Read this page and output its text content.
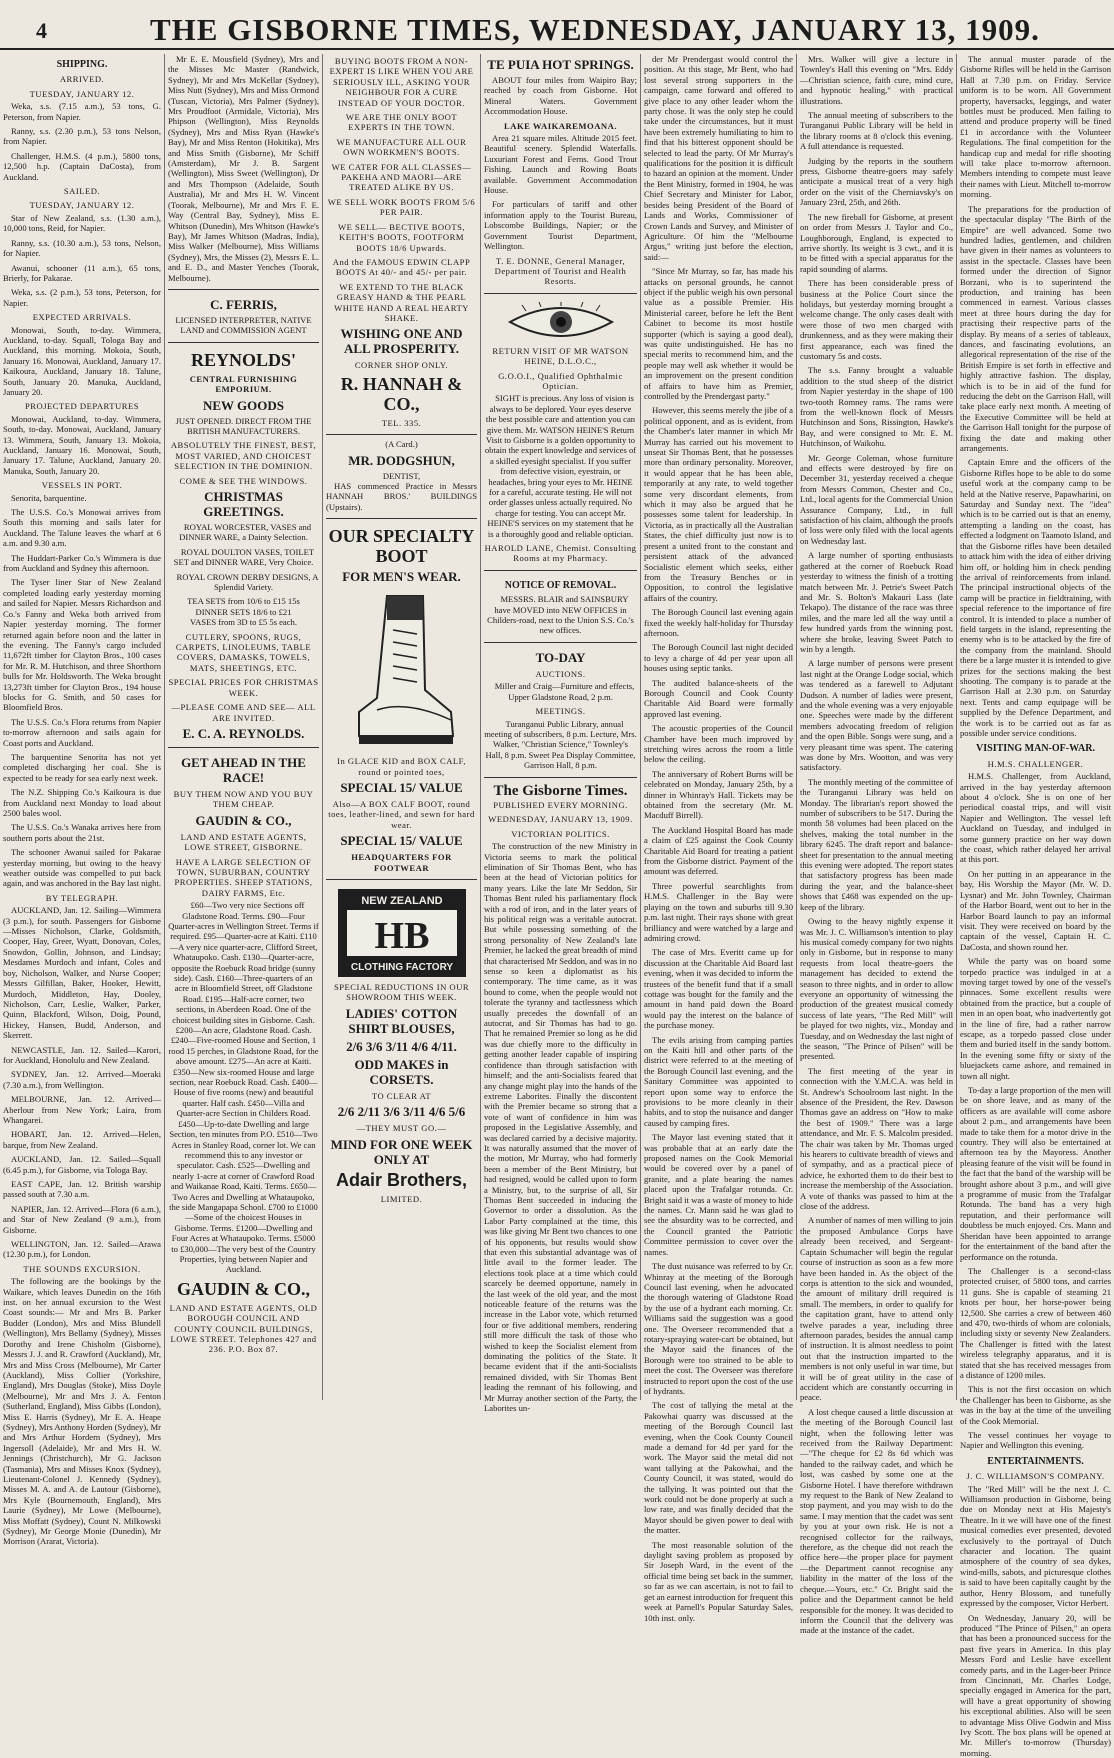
4	THE GISBORNE TIMES, WEDNESDAY, JANUARY 13, 1909.
SHIPPING.
ARRIVED.
TUESDAY, JANUARY 12.

Weka, s.s. (7.15 a.m.), 53 tons, G. Peterson, from Napier.

Ranny, s.s. (2.30 p.m.), 53 tons Nelson, from Napier.

Challenger, H.M.S. (4 p.m.), 5800 tons, 12,500 h.p. (Captain DaCosta), from Auckland.

SAILED.
TUESDAY, JANUARY 12.

Star of New Zealand, s.s. (1.30 a.m.), 10,000 tons, Reid, for Napier.

Ranny, s.s. (10.30 a.m.), 53 tons, Nelson, for Napier.

Awanui, schooner (11 a.m.), 65 tons, Brierly, for Pakarae.

Weka, s.s. (2 p.m.), 53 tons, Peterson, for Napier.

EXPECTED ARRIVALS.

Monowai, South, to-day. Wimmera, Auckland, to-day. Squall, Tologa Bay and Auckland, this morning. Mokoia, South, January 16. Monowai, Auckland, January 17. Kaikoura, Auckland, January 18. Talune, South, January 20. Manuka, Auckland, January 20.

PROJECTED DEPARTURES

Monowai, Auckland, to-day. Wimmera, South, to-day. Monowai, Auckland, January 13. Wimmera, South, January 13. Mokoia, Auckland, January 16. Monowai, South, January 17. Talune, Auckland, January 20. Manuka, South, January 20.

VESSELS IN PORT.

Senorita, barquentine.

The U.S.S. Co.'s Monowai arrives from South this morning and sails later for Auckland. The Talune leaves the wharf at 6 a.m. and 9.30 a.m.

The Huddart-Parker Co.'s Wimmera is due from Auckland and Sydney this afternoon.

The Tyser liner Star of New Zealand completed loading early yesterday morning and sailed for Napier. Messrs Richardson and Co.'s Fanny and Weka both arrived from Napier yesterday morning. The former returned again before noon and the latter in the evening. The Fanny's cargo included 11,672ft timber for Clayton Bros., 100 cases for Mr. R. M. Hutchison, and three Shorthorn bulls for Mr. Holdsworth. The Weka brought 13,273ft timber for Clayton Bros., 194 house blocks for G. Smith, and 50 cases for Bloomfield Bros.

The U.S.S. Co.'s Flora returns from Napier to-morrow afternoon and sails again for Coast ports and Auckland.

The barquentine Senorita has not yet completed discharging her coal. She is expected to be ready for sea early next week.

The N.Z. Shipping Co.'s Kaikoura is due from Auckland next Monday to load about 2500 bales wool.

The U.S.S. Co.'s Wanaka arrives here from southern ports about the 21st.

The schooner Awanui sailed for Pakarae yesterday morning, but owing to the heavy weather outside was compelled to put back again, and was anchored in the Bay last night.

BY TELEGRAPH.

AUCKLAND, Jan. 12. Sailing—Wimmera (3 p.m.), for south. Passengers for Gisborne—Misses Nicholson, Clarke, Goldsmith, Cooper, Hay, Greer, Wyatt, Donovan, Coles, Snowdon, Gollin, Johnson, and Lindsay; Mesdames Murdoch and infant, Coles and boy, Nicholson, Walker, and Nurse Cooper; Messrs Gilfillan, Baker, Hooker, Hewitt, Murdoch, Middleton, Hay, Dooley, Nicholson, Carr, Leslie, Walker, Parker, Quinn, Blackford, Wilson, Doig, Pound, Hickey, Hansen, Budd, Anderson, and Skerrett.

NEWCASTLE, Jan. 12. Sailed—Karori, for Auckland, Honolulu and New Zealand.

SYDNEY, Jan. 12. Arrived—Moeraki (7.30 a.m.), from Wellington.

MELBOURNE, Jan. 12. Arrived—Aberlour from New York; Laira, from Whangarei.

HOBART, Jan. 12. Arrived—Helen, barque, from New Zealand.

AUCKLAND, Jan. 12. Sailed—Squall (6.45 p.m.), for Gisborne, via Tologa Bay.

EAST CAPE, Jan. 12. British warship passed south at 7.30 a.m.

NAPIER, Jan. 12. Arrived—Flora (6 a.m.), and Star of New Zealand (9 a.m.), from Gisborne.

WELLINGTON, Jan. 12. Sailed—Arawa (12.30 p.m.), for London.

THE SOUNDS EXCURSION.

The following are the bookings by the Waikare, which leaves Dunedin on the 16th inst. on her annual excursion to the West Coast sounds:— Mr and Mrs B. Parker Budder (London), Mrs and Miss Blundell (Wellington), Mrs Bellamy (Sydney), Misses Dorothy and Irene Chisholm (Gisborne), Messrs J. J. and R. Crawford (Auckland), Mr, Mrs and Miss Cross (Melbourne), Mr Carter (Auckland), Miss Collier (Yorkshire, England), Mrs Douglas (Stoke), Miss Doyle (Melbourne), Mr and Mrs J. A. Fenton (Sutherland, England), Miss Gibbs (London), Miss E. Harris (Sydney), Mr E. A. Heape (Sydney), Mrs Anthony Horden (Sydney), Mr and Mrs Arthur Hordern (Sydney), Mrs Ingersoll (Adelaide), Mr and Mrs H. W. Jennings (Christchurch), Mr G. Jackson (Tasmania), Mrs and Misses Knox (Sydney), Lieutenant-Colonel J. Kennedy (Sydney), Misses M. A. and A. de Lautour (Gisborne), Mrs Kyle (Bournemouth, England), Mrs Laurie (Sydney), Mr Lowe (Melbourne), Miss Moffatt (Sydney), Count N. Milkowski (Sydney), Mr George Monie (Dunedin), Mr Morrison (Ararat, Victoria).

Mr E. E. Mousfield (Sydney), Mrs and the Misses Mc Master (Randwick, Sydney), Mr and Mrs McKellar (Sydney), Miss Nutt (Sydney), Mrs and Miss Ormond (Tuscan, Victoria), Mrs Palmer (Sydney), Mrs Proudfoot (Armidale, Victoria), Mrs Phipson (Wellington), Miss Reynolds (Sydney), Mrs and Miss Ryan (Hawke's Bay), Mr and Miss Renton (Hokitika), Mrs and Miss Smith (Gisborne), Mr Schiff (Amsterdam), Mr J. B. Sargent (Wellington), Miss Sweet (Wellington), Dr and Mrs Thompson (Adelaide, South Australia), Mr and Mrs H. W. Vincent (Toorak, Melbourne), Mr and Mrs F. E. Way (Central Bay, Sydney), Miss E. Whitson (Dunedin), Mrs Whitson (Hawke's Bay), Mr James Whitson (Madras, India), Miss Walker (Melbourne), Miss Williams (Sydney), Mrs, the Misses (2), Messrs E. L. and E. D., and Master Yenches (Toorak, Melbourne).

C. FERRIS,
LICENSED INTERPRETER, NATIVE LAND and COMMISSION AGENT
REYNOLDS'
CENTRAL FURNISHING EMPORIUM.
NEW GOODS
JUST OPENED. DIRECT FROM THE BRITISH MANUFACTURERS.
ABSOLUTELY THE FINEST, BEST, MOST VARIED, AND CHOICEST SELECTION IN THE DOMINION.
COME & SEE THE WINDOWS.
CHRISTMAS GREETINGS.

ROYAL WORCESTER, VASES and DINNER WARE, a Dainty Selection.

ROYAL DOULTON VASES, TOILET SET and DINNER WARE, Very Choice.

ROYAL CROWN DERBY DESIGNS, A Splendid Variety.

TEA SETS from 10/6 to £15 15s
DINNER SETS 18/6 to £21
VASES from 3D to £5 5s each.
CUTLERY, SPOONS, RUGS, CARPETS, LINOLEUMS, TABLE COVERS, DAMASKS, TOWELS, MATS, SHEETINGS, ETC.
SPECIAL PRICES FOR CHRISTMAS WEEK.
—PLEASE COME AND SEE— ALL ARE INVITED.
E. C. A. REYNOLDS.
GET AHEAD IN THE RACE!
BUY THEM NOW AND YOU BUY THEM CHEAP.
GAUDIN & CO.,
LAND AND ESTATE AGENTS, LOWE STREET, GISBORNE.
HAVE A LARGE SELECTION OF TOWN, SUBURBAN, COUNTRY PROPERTIES. SHEEP STATIONS, DAIRY FARMS, Etc.

£60—Two very nice Sections off Gladstone Road. Terms. £90—Four Quarter-acres in Wellington Street. Terms if required. £95—Quarter-acre at Kaiti. £110—A very nice quarter-acre, Clifford Street, Whataupoko. Cash. £130—Quarter-acre, opposite the Roebuck Road bridge (sunny side). Cash. £160—Three-quarters of an acre in Bloomfield Street, off Gladstone Road. £195—Half-acre corner, two sections, in Aberdeen Road. One of the choicest building sites in Gisborne. Cash. £200—An acre, Gladstone Road. Cash. £240—Five-roomed House and Section, 1 rood 15 perches, in Gladstone Road, for the above amount. £275—An acre at Kaiti. £350—New six-roomed House and large section, near Roebuck Road. Cash. £400—House of five rooms (new) and beautiful quarter. Half cash. £450—Villa and Quarter-acre Section in Childers Road. £450—Up-to-date Dwelling and large Section, ten minutes from P.O. £510—Two Acres in Stanley Road, corner lot. We can recommend this to any investor or speculator. Cash. £525—Dwelling and nearly 1-acre at corner of Crawford Road and Waikanae Road, Kaiti. Terms. £650—Two Acres and Dwelling at Whataupoko, the side Mangapapa School. £700 to £1000—Some of the choicest Houses in Gisborne. Terms. £1200—Dwelling and Four Acres at Whataupoko. Terms. £5000 to £30,000—The very best of the Country Properties, lying between Napier and Auckland.

GAUDIN & CO.,
LAND AND ESTATE AGENTS, OLD BOROUGH COUNCIL AND COUNTY COUNCIL BUILDINGS, LOWE STREET. Telephones 427 and 236. P.O. Box 87.
BUYING BOOTS FROM A NON-EXPERT IS LIKE WHEN YOU ARE SERIOUSLY ILL, ASKING YOUR NEIGHBOUR FOR A CURE INSTEAD OF YOUR DOCTOR.
WE ARE THE ONLY BOOT EXPERTS IN THE TOWN.
WE MANUFACTURE ALL OUR OWN WORKMEN'S BOOTS.
WE CATER FOR ALL CLASSES—PAKEHA AND MAORI—ARE TREATED ALIKE BY US.
WE SELL WORK BOOTS FROM 5/6 PER PAIR.
WE SELL— BECTIVE BOOTS, KEITH'S BOOTS, FOOTFORM BOOTS 18/6 Upwards.
And the FAMOUS EDWIN CLAPP BOOTS At 40/- and 45/- per pair.
WE EXTEND TO THE BLACK GREASY HAND & THE PEARL WHITE HAND A REAL HEARTY SHAKE.
WISHING ONE AND ALL PROSPERITY.
CORNER SHOP ONLY.
R. HANNAH & CO.,
TEL. 335.
(A Card.)
MR. DODGSHUN,
DENTIST,

HAS commenced Practice in Messrs HANNAH BROS.' BUILDINGS (Upstairs).

OUR SPECIALTY BOOT
FOR MEN'S WEAR.
In GLACE KID and BOX CALF, round or pointed toes,
SPECIAL 15/ VALUE
Also—A BOX CALF BOOT, round toes, leather-lined, and sewn for hard wear.
SPECIAL 15/ VALUE
HEADQUARTERS FOR FOOTWEAR
NEW ZEALAND
HB
CLOTHING FACTORY
SPECIAL REDUCTIONS IN OUR SHOWROOM THIS WEEK.
LADIES' COTTON SHIRT BLOUSES,
2/6 3/6 3/11 4/6 4/11.
ODD MAKES in CORSETS.
TO CLEAR AT
2/6 2/11 3/6 3/11 4/6 5/6
—THEY MUST GO.—
MIND FOR ONE WEEK ONLY AT
Adair Brothers,
LIMITED.
TE PUIA HOT SPRINGS.

ABOUT four miles from Waipiro Bay; reached by coach from Gisborne. Hot Mineral Waters. Government Accommodation House.

LAKE WAIKAREMOANA.

Area 21 square miles. Altitude 2015 feet. Beautiful scenery. Splendid Waterfalls. Luxuriant Forest and Ferns. Good Trout Fishing. Launch and Rowing Boats available. Government Accommodation House.

For particulars of tariff and other information apply to the Tourist Bureau, Lobscombe Buildings, Napier; or the Government Tourist Department, Wellington.

T. E. DONNE, General Manager, Department of Tourist and Health Resorts.
RETURN VISIT OF MR WATSON HEINE, D.L.O.C.,
G.O.O.I., Qualified Ophthalmic Optician.

SIGHT is precious. Any loss of vision is always to be deplored. Your eyes deserve the best possible care and attention you can give them. Mr. WATSON HEINE'S Return Visit to Gisborne is a golden opportunity to obtain the expert knowledge and services of a skilled eyesight specialist. If you suffer from defective vision, eyestrain, or headaches, bring your eyes to Mr. HEINE for a careful, accurate testing. He will not order glasses unless actually required. No charge for testing. You can accept Mr. HEINE'S services on my statement that he is a thoroughly good and reliable optician.

HAROLD LANE, Chemist. Consulting Rooms at my Pharmacy.
NOTICE OF REMOVAL.

MESSRS. BLAIR and SAINSBURY have MOVED into NEW OFFICES in Childers-road, next to the Union S.S. Co.'s new offices.

TO-DAY
AUCTIONS.

Miller and Craig—Furniture and effects, Upper Gladstone Road, 2 p.m.

MEETINGS.

Turanganui Public Library, annual meeting of subscribers, 8 p.m. Lecture, Mrs. Walker, "Christian Science," Townley's Hall, 8 p.m. Sweet Pea Display Committee, Garrison Hall, 8 p.m.

The Gisborne Times.
PUBLISHED EVERY MORNING.
WEDNESDAY, JANUARY 13, 1909.
VICTORIAN POLITICS.

The construction of the new Ministry in Victoria seems to mark the political elimination of Sir Thomas Bent, who has been at the head of Victorian politics for many years. Like the late Mr Seddon, Sir Thomas Bent ruled his parliamentary flock with a rod of iron, and in the later years of his political reign was a veritable autocrat. But while possessing something of the strong personality of New Zealand's late Premier, he lacked the great breadth of mind that characterised Mr Seddon, and was in no sense so keen a diplomatist as his contemporary. The time came, as it was bound to come, when the people would not tolerate the tyranny and tactlessness which usually precedes the downfall of an autocrat, and Sir Thomas has had to go. That he remained Premier so long as he did was due chiefly more to the difficulty in getting another leader capable of inspiring confidence than through satisfaction with himself; and the anti-Socialists feared that any change might play into the hands of the extreme Laborites. Finally the discontent with the Premier became so strong that a vote of want of confidence in him was proposed in the Legislative Assembly, and was declared carried by a decisive majority. It was naturally assumed that the mover of the motion, Mr Murray, who had formerly been a member of the Bent Ministry, but had resigned, would be called upon to form a Ministry, but, to the surprise of all, Sir Thomas Bent succeeded in inducing the Governor to order a dissolution. As the Labor Party complained at the time, this was like giving Mr Bent two chances to one of his opponents, but results would show that even this substantial advantage was of little avail to the former leader. The elections took place at a time which could scarcely be deemed opportune, namely in the last week of the old year, and the most noticeable feature of the returns was the increase in the Labor vote, which returned four or five additional members, rendering still more difficult the task of those who wished to keep the Socialist element from dominating the politics of the State. It became evident that if the anti-Socialists remained divided, with Sir Thomas Bent leading the remnant of his following, and Mr Murray another section of the Party, the Laborites un-

der Mr Prendergast would control the position. At this stage, Mr Bent, who had lost several strong supporters in the campaign, came forward and offered to give place to any other leader whom the party chose. It was the only step he could take under the circumstances, but it must have been extremely humiliating to him to find that his bitterest opponent should be selected to lead the party. Of Mr Murray's qualifications for the position it is difficult to hazard an opinion at the moment. Under the Bent Ministry, formed in 1904, he was Chief Secretary and Minister for Labor, besides being President of the Board of Lands and Works, Commissioner of Crown Lands and Survey, and Minister of Agriculture. Of him the "Melbourne Argus," writing just before the election, said:—

"Since Mr Murray, so far, has made his attacks on personal grounds, he cannot object if the public weigh his own personal value as a possible Premier. His Ministerial career, before he left the Bent Cabinet to become its most hostile supporter (which is saying a good deal), was quite undistinguished. He has no special merits to recommend him, and the people may well ask whether it would be an improvement on the present condition of affairs to have him as Premier, controlled by the Prendergast party."

However, this seems merely the jibe of a political opponent, and as is evident, from the Chamber's later manner in which Mr Murray has carried out his movement to unseat Sir Thomas Bent, that he possesses more than ordinary personality. Moreover, it would appear that he has been able, temporarily at any rate, to weld together some very discordant elements, from which it may also be argued that he possesses some talent for leadership. In Victoria, as in practically all the Australian States, the chief difficulty just now is to present a united front to the constant and persistent attack of the advanced Socialistic element which seeks, either from the Treasury Benches or in Opposition, to control the legislative affairs of the country.

The Borough Council last evening again fixed the weekly half-holiday for Thursday afternoon.

The Borough Council last night decided to levy a charge of 4d per year upon all houses using septic tanks.

The audited balance-sheets of the Borough Council and Cook County Charitable Aid Board were formally approved last evening.

The acoustic properties of the Council Chamber have been much improved by stretching wires across the room a little below the ceiling.

The anniversary of Robert Burns will be celebrated on Monday, January 25th, by a dinner in Whinray's Hall. Tickets may be obtained from the secretary (Mr. M. Macduff Birrell).

The Auckland Hospital Board has made a claim of £25 against the Cook County Charitable Aid Board for treating a patient from the Gisborne district. Payment of the amount was deferred.

Three powerful searchlights from H.M.S. Challenger in the Bay were playing on the town and suburbs till 9.30 p.m. last night. Their rays shone with great brilliancy and were watched by a large and admiring crowd.

The case of Mrs. Everitt came up for discussion at the Charitable Aid Board last evening, when it was decided to inform the trustees of the benefit fund that if a small cottage was bought for the family and the amount in hand paid down the Board would pay the interest on the balance of the purchase money.

The evils arising from camping parties on the Kaiti hill and other parts of the district were referred to at the meeting of the Borough Council last evening, and the Sanitary Committee was appointed to report upon some way to enforce the provisions to be more cleanly in their habits, and to stop the nuisance and danger caused by camping fires.

The Mayor last evening stated that it was probable that at an early date the proposed names on the Cook Memorial would be covered over by a panel of granite, and a plate bearing the names placed upon the Trafalgar rotunda. Cr. Bright said it was a waste of money to hide the names. Cr. Mann said he was glad to see the absurdity was to be corrected, and the Council granted the Patriotic Committee permission to cover over the names.

The dust nuisance was referred to by Cr. Whinray at the meeting of the Borough Council last evening, when he advocated the thorough watering of Gladstone Road by the use of a hydrant each morning. Cr. Williams said the suggestion was a good one. The Overseer recommended that a rotary-spraying water-cart be obtained, but the Mayor said the finances of the Borough were too strained to be able to meet the cost. The Overseer was therefore instructed to report upon the cost of the use of hydrants.

The cost of tallying the metal at the Pakowhai quarry was discussed at the meeting of the Borough Council last evening, when the Cook County Council made a demand for 4d per yard for the work. The Mayor said the metal did not want tallying at the Pakowhai, and the County Council, it was stated, would do the tallying. It was pointed out that the work could not be done properly at such a low rate, and was finally decided that the Mayor should be given power to deal with the matter.

The most reasonable solution of the daylight saving problem as proposed by Sir Joseph Ward, in the event of the official time being set back in the summer, so far as we can ascertain, is not to fail to get an earnest introduction for frequent this week at Parnell's Popular Saturday Sales, 10th inst. only.

Mrs. Walker will give a lecture in Townley's Hall this evening on "Mrs. Eddy—Christian science, faith cure, mind cure, and hypnotic healing," with practical illustrations.

The annual meeting of subscribers to the Turanganui Public Library will be held in the library rooms at 8 o'clock this evening. A full attendance is requested.

Judging by the reports in the southern press, Gisborne theatre-goers may safely anticipate a musical treat of a very high order on the visit of the Cherniavsky's on January 23rd, 25th, and 26th.

The new fireball for Gisborne, at present on order from Messrs J. Taylor and Co., Loughborough, England, is expected to arrive shortly. Its weight is 3 cwt., and it is to be fitted with a special apparatus for the rapid sounding of alarms.

There has been considerable press of business at the Police Court since the holidays, but yesterday morning brought a welcome change. The only cases dealt with were those of two men charged with drunkenness, and as they were making their first appearance, each was fined the customary 5s and costs.

The s.s. Fanny brought a valuable addition to the stud sheep of the district from Napier yesterday in the shape of 100 two-tooth Romney rams. The rams were from the well-known flock of Messrs Hutchinson and Sons, Rissington, Hawke's Bay, and were consigned to Mr. E. M. Hutchinson, of Waikohu.

Mr. George Coleman, whose furniture and effects were destroyed by fire on December 31, yesterday received a cheque from Messrs Common, Chester and Co., Ltd., local agents for the Commercial Union Assurance Company, Ltd., in full satisfaction of his claim, although the proofs of loss were only filed with the local agents on Wednesday last.

A large number of sporting enthusiasts gathered at the corner of Roebuck Road yesterday to witness the finish of a trotting match between Mr. J. Petrie's Sweet Patch and Mr. S. Bolton's Makauri Lass (late Tekapo). The distance of the race was three miles, and the mare led all the way until a few hundred yards from the winning post, where she broke, leaving Sweet Patch to win by a length.

A large number of persons were present last night at the Orange Lodge social, which was tendered as a farewell to Adjutant Dudson. A number of ladies were present, and the whole evening was a very enjoyable one. Speeches were made by the different members advocating freedom of religion and the open Bible. Songs were sung, and a very pleasant time was spent. The catering was done by Mrs. Wootton, and was very satisfactory.

The monthly meeting of the committee of the Turanganui Library was held on Monday. The librarian's report showed the number of subscribers to be 517. During the month 58 volumes had been placed on the shelves, making the total number in the library 6245. The draft report and balance-sheet for presentation to the annual meeting this evening were adopted. The report states that satisfactory progress has been made during the year, and the balance-sheet shows that £468 was expended on the up-keep of the library.

Owing to the heavy nightly expense it was Mr. J. C. Williamson's intention to play his musical comedy company for two nights only in Gisborne, but in response to many requests from local theatre-goers the management has decided to extend the season to three nights, and in order to allow everyone an opportunity of witnessing the production of the greatest musical comedy success of late years, "The Red Mill" will be played for two nights, viz., Monday and Tuesday, and on Wednesday the last night of the season, "The Prince of Pilsen" will be presented.

The first meeting of the year in connection with the Y.M.C.A. was held in St. Andrew's Schoolroom last night. In the absence of the President, the Rev. Dawson Thomas gave an address on "How to make the best of 1909." There was a large attendance, and Mr. F. S. Malcolm presided. The chair was taken by Mr. Thomas urged his hearers to cultivate breadth of views and of sympathy, and as a practical piece of advice, he exhorted them to do their best to increase the membership of the Association. A vote of thanks was passed to him at the close of the address.

A number of names of men willing to join the proposed Ambulance Corps have already been received, and Sergeant-Captain Schumacher will begin the regular course of instruction as soon as a few more have been handed in. As the object of the corps is attention to the sick and wounded, the amount of military drill required is small. The members, in order to qualify for the capitation grant, have to attend only twelve parades a year, including three afternoon parades, besides the annual camp of instruction. It is almost needless to point out that the instruction imparted to the members is not only useful in war time, but it will be of great utility in the case of accident which are constantly occurring in peace.

A lost cheque caused a little discussion at the meeting of the Borough Council last night, when the following letter was received from the Railway Department:—"The cheque for £2 8s 6d which was handed to the railway cadet, and which he lost, was cashed by some one at the Gisborne Hotel. I have therefore withdrawn my request to the Bank of New Zealand to stop payment, and you may wish to do the same. I may mention that the cadet was sent by you at your own risk. He is not a recognised collector for the railways, therefore, as the cheque did not reach the office here—the proper place for payment—the Department cannot recognise any liability in the matter of the loss of the cheque.—Yours, etc." Cr. Bright said the police and the Department cannot be held responsible for the money. It was decided to inform the Council that the delivery was made at the instance of the cadet.

The annual muster parade of the Gisborne Rifles will be held in the Garrison Hall at 7.30 p.m. on Friday. Service uniform is to be worn. All Government property, haversacks, leggings, and water bottles must be produced. Men failing to attend and produce property will be fined £1 in accordance with the Volunteer Regulations. The final competition for the handicap cup and medal for rifle shooting will take place to-morrow afternoon. Members intending to compete must leave their names with Lieut. Mitchell to-morrow morning.

The preparations for the production of the spectacular display "The Birth of the Empire" are well advanced. Some two hundred ladies, gentlemen, and children have given in their names as volunteers to assist in the spectacle. Classes have been formed under the direction of Signor Borzani, who is to superintend the production, and training has been commenced in earnest. Various classes meet at three hours during the day for practising their respective parts of the display. By means of a series of tableaux, dances, and fascinating evolutions, an allegorical representation of the rise of the British Empire is set forth in effective and highly attractive fashion. The display, which is to be in aid of the fund for reducing the debt on the Garrison Hall, will take place early next month. A meeting of the Executive Committee will be held at the Garrison Hall tonight for the purpose of fixing the date and making other arrangements.

Captain Emre and the officers of the Gisborne Rifles hope to be able to do some useful work at the company camp to be held at the Native reserve, Papawharini, on Saturday and Sunday next. The "idea" which is to be carried out is that an enemy, attempting a landing on the coast, has effected a lodgment on Taamoto Island, and that the Gisborne rifles have been detailed to attack him with the idea of either driving him off, or holding him in check pending the arrival of reinforcements from inland. The principal instructional objects of the camp will be practice in fieldtraining, with special reference to the importance of fire control. It is intended to place a number of field targets in the island, representing the enemy who is to be attacked by the fire of the company from the mainland. Should there be a large muster it is intended to give prizes for the sections making the best shooting. The company is to parade at the Garrison Hall at 2.30 p.m. on Saturday next. Tents and camp equipage will be supplied by the Defence Department, and the work is to be carried out as far as possible under service conditions.

VISITING MAN-OF-WAR.
H.M.S. CHALLENGER.

H.M.S. Challenger, from Auckland, arrived in the bay yesterday afternoon about 4 o'clock. She is on one of her periodical coastal trips, and will visit Napier and Wellington. The vessel left Auckland on Tuesday, and indulged in some gunnery practice on her way down the coast, which rather delayed her arrival at this port.

On her putting in an appearance in the bay, His Worship the Mayor (Mr. W. D. Lysnar) and Mr. John Townley, Chairman of the Harbor Board, went out to her in the Harbor Board launch to pay an informal visit. They were received on board by the captain of the vessel, Captain H. C. DaCosta, and shown round her.

While the party was on board some torpedo practice was indulged in at a moving target towed by one of the vessel's pinnaces. Some excellent results were obtained from the practice, but a couple of men in an open boat, who inadvertently got in the line of fire, had a rather narrow escape, as a torpedo passed close under them and buried itself in the sandy bottom. In the evening some fifty or sixty of the bluejackets came ashore, and remained in town all night.

To-day a large proportion of the men will be on shore leave, and as many of the officers as are available will come ashore about 2 p.m., and arrangements have been made to take them for a motor drive in the country. They will also be entertained at afternoon tea by the Mayoress. Another pleasing feature of the visit will be found in the fact that the band of the warship will be brought ashore about 3 p.m., and will give a programme of music from the Trafalgar Rotunda. The band has a very high reputation, and their performance will doubtless be much enjoyed. Crs. Mann and Sheridan have been appointed to arrange for the entertainment of the band after the performance on the rotunda.

The Challenger is a second-class protected cruiser, of 5800 tons, and carries 11 guns. She is capable of steaming 21 knots per hour, her horse-power being 12,500. She carries a crew of between 460 and 470, two-thirds of whom are colonials, including sixty or seventy New Zealanders. The Challenger is fitted with the latest wireless telegraphy apparatus, and it is stated that she has received messages from a distance of 1200 miles.

This is not the first occasion on which the Challenger has been to Gisborne, as she was in the bay at the time of the unveiling of the Cook Memorial.

The vessel continues her voyage to Napier and Wellington this evening.

ENTERTAINMENTS.
J. C. WILLIAMSON'S COMPANY.

The "Red Mill" will be the next J. C. Williamson production in Gisborne, being due on Monday next at His Majesty's Theatre. In it we will have one of the finest musical comedies ever presented, devoted exclusively to the portrayal of Dutch character and location. The quaint atmosphere of the country of sea dykes, wind-mills, sabots, and picturesque clothes is said to have been capitally caught by the author, Henry Blossom, and tunefully expressed by the composer, Victor Herbert.

On Wednesday, January 20, will be produced "The Prince of Pilsen," an opera that has been a pronounced success for the past five years in America. In this play Messrs Ford and Leslie have excellent comedy parts, and in the Lager-beer Prince from Cincinnati, Mr. Charles Lodge, specially engaged in America for the part, will have a great opportunity of showing his exceptional abilities. Also will be seen to advantage Miss Olive Godwin and Miss Ivy Scott. The box plans will be opened at Mr. Miller's to-morrow (Thursday) morning.
